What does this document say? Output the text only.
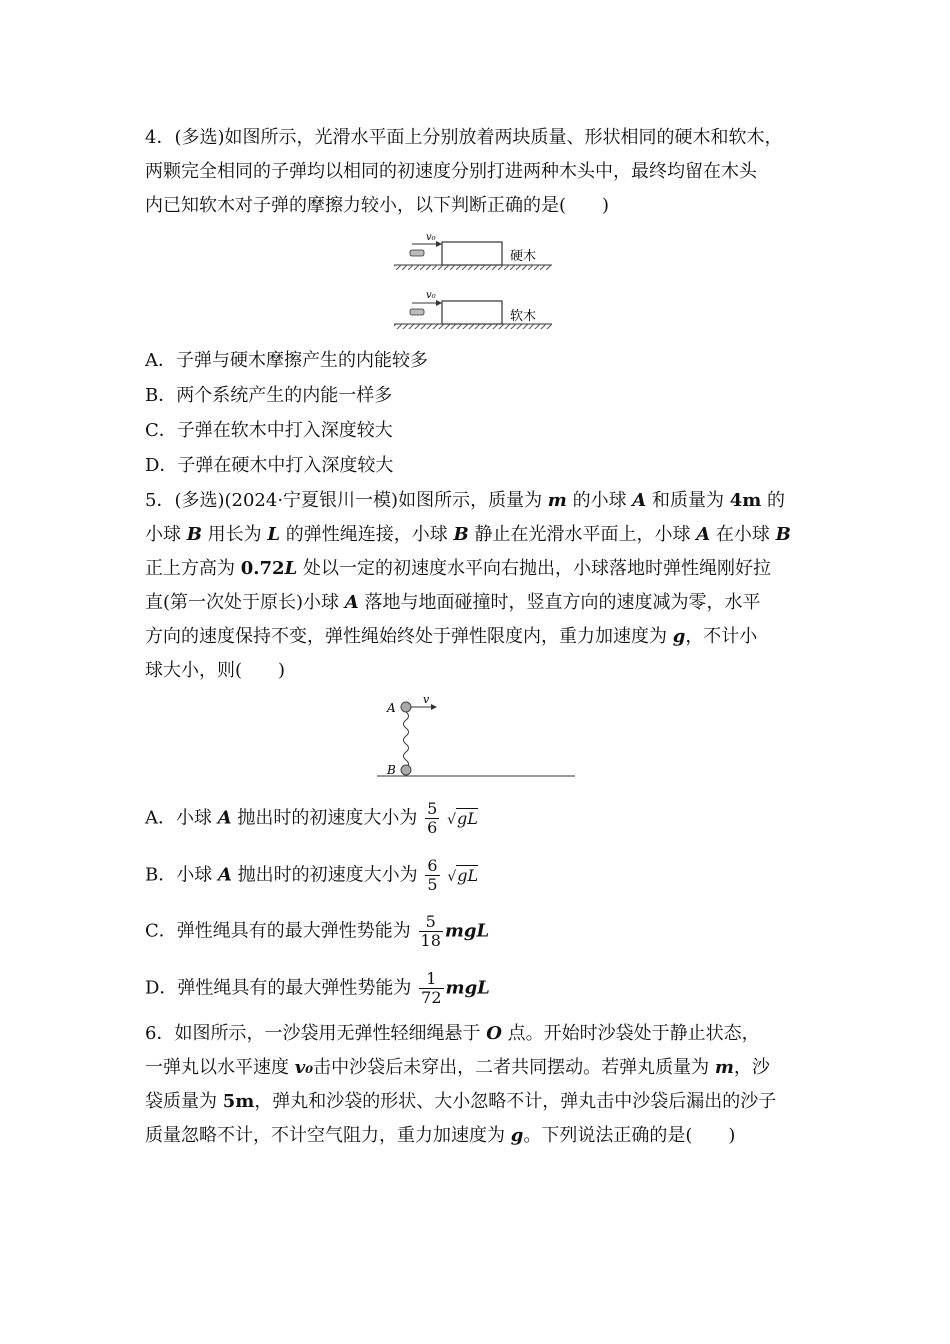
4．(多选)如图所示，光滑水平面上分别放着两块质量、形状相同的硬木和软木，
两颗完全相同的子弹均以相同的初速度分别打进两种木头中，最终均留在木头
内已知软木对子弹的摩擦力较小，以下判断正确的是(　　)
v₀
硬木
v₀
软木
A．子弹与硬木摩擦产生的内能较多
B．两个系统产生的内能一样多
C．子弹在软木中打入深度较大
D．子弹在硬木中打入深度较大
5．(多选)(2024·宁夏银川一模)如图所示，质量为 m 的小球 A 和质量为 4m 的
小球 B 用长为 L 的弹性绳连接，小球 B 静止在光滑水平面上，小球 A 在小球 B
正上方高为 0.72L 处以一定的初速度水平向右抛出，小球落地时弹性绳刚好拉
直(第一次处于原长)小球 A 落地与地面碰撞时，竖直方向的速度减为零，水平
方向的速度保持不变，弹性绳始终处于弹性限度内，重力加速度为 g，不计小
球大小，则(　　)
A
v
B
A．小球 A 抛出时的初速度大小为 $\frac{5}{6} √gL$
B．小球 A 抛出时的初速度大小为 $\frac{6}{5} √gL$
C．弹性绳具有的最大弹性势能为 $\frac{5}{18}$ mgL
D．弹性绳具有的最大弹性势能为 $\frac{1}{72}$ mgL
6．如图所示，一沙袋用无弹性轻细绳悬于 O 点。开始时沙袋处于静止状态，
一弹丸以水平速度 v₀击中沙袋后未穿出，二者共同摆动。若弹丸质量为 m，沙
袋质量为 5m，弹丸和沙袋的形状、大小忽略不计，弹丸击中沙袋后漏出的沙子
质量忽略不计，不计空气阻力，重力加速度为 g。下列说法正确的是(　　)
